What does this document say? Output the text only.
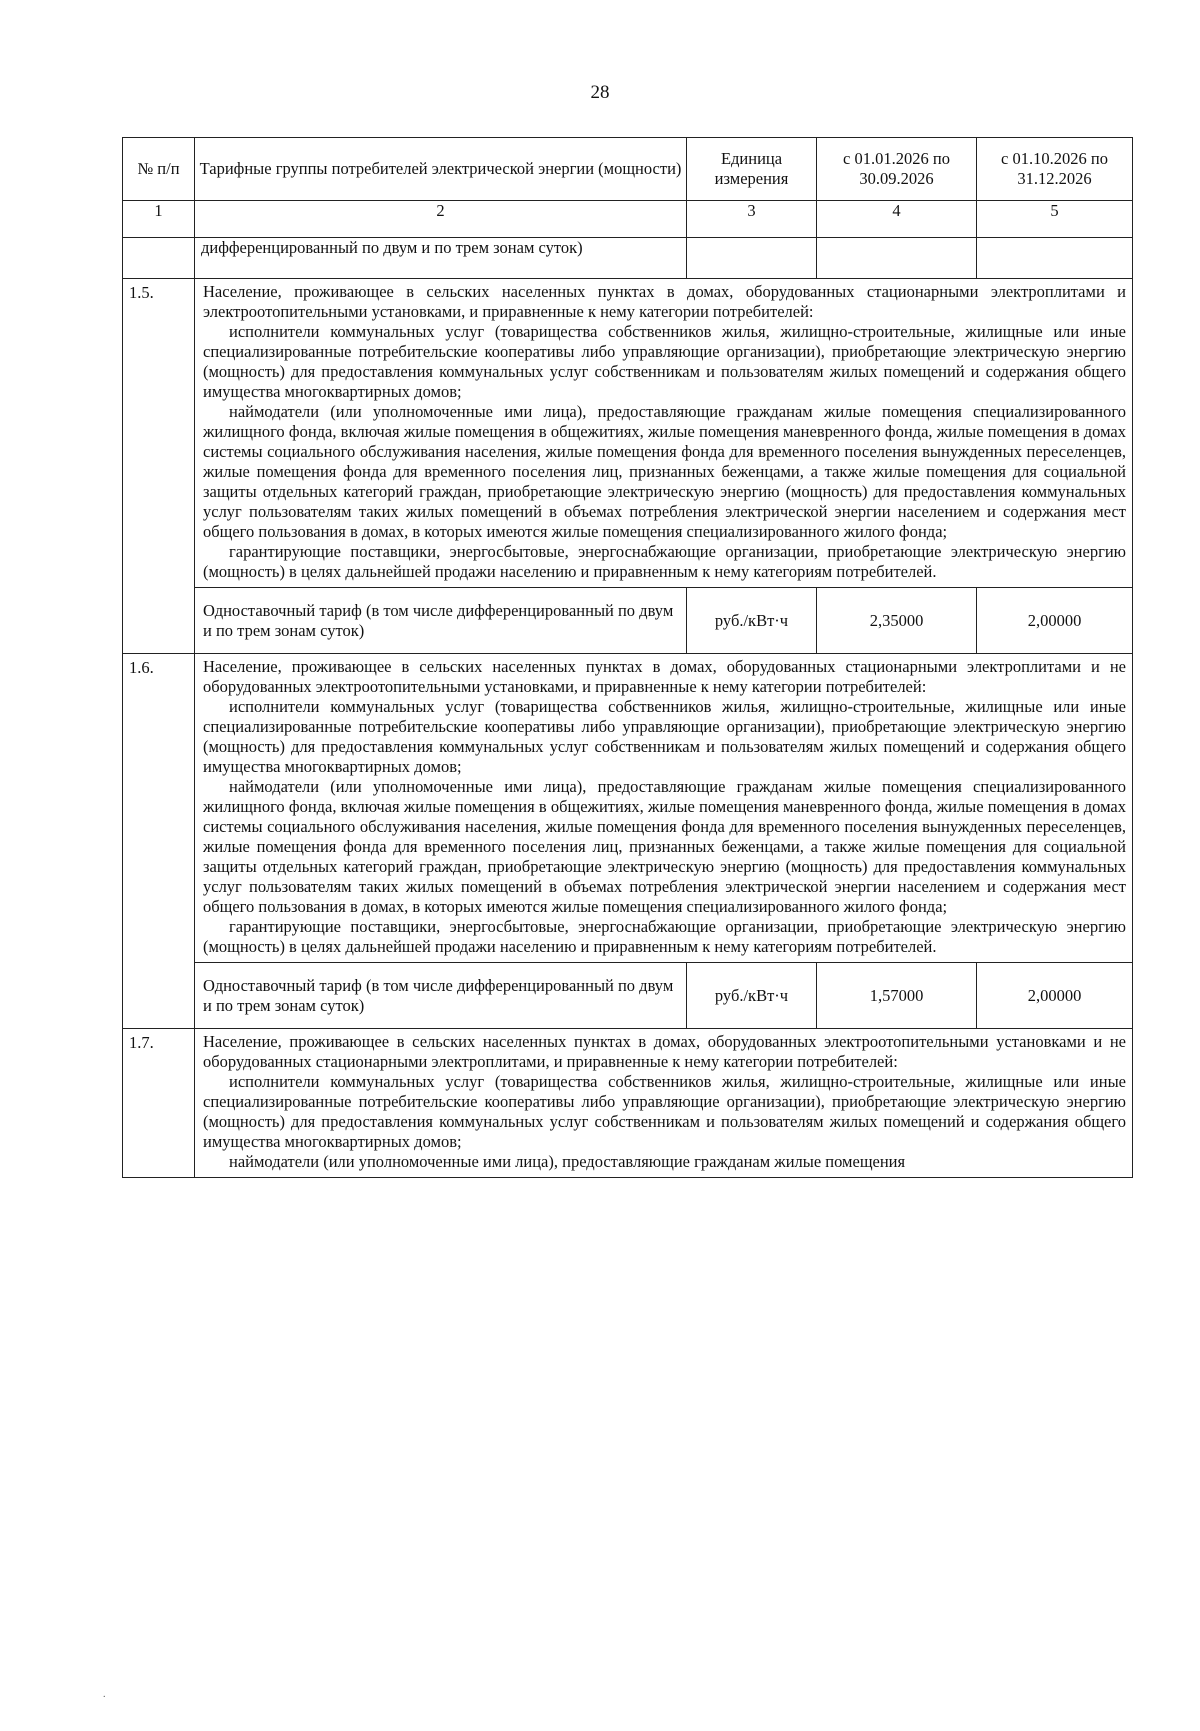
28
№ п/п	Тарифные группы потребителей электрической энергии (мощности)	Единица измерения	с 01.01.2026 по 30.09.2026	с 01.10.2026 по 31.12.2026
1	2	3	4	5
	дифференцированный по двум и по трем зонам суток)			
1.5.	Население, проживающее в сельских населенных пунктах в домах, оборудованных стационарными электроплитами и электроотопительными установками, и приравненные к нему категории потребителей:

исполнители коммунальных услуг (товарищества собственников жилья, жилищно-строительные, жилищные или иные специализированные потребительские кооперативы либо управляющие организации), приобретающие электрическую энергию (мощность) для предоставления коммунальных услуг собственникам и пользователям жилых помещений и содержания общего имущества многоквартирных домов;

наймодатели (или уполномоченные ими лица), предоставляющие гражданам жилые помещения специализированного жилищного фонда, включая жилые помещения в общежитиях, жилые помещения маневренного фонда, жилые помещения в домах системы социального обслуживания населения, жилые помещения фонда для временного поселения вынужденных переселенцев, жилые помещения фонда для временного поселения лиц, признанных беженцами, а также жилые помещения для социальной защиты отдельных категорий граждан, приобретающие электрическую энергию (мощность) для предоставления коммунальных услуг пользователям таких жилых помещений в объемах потребления электрической энергии населением и содержания мест общего пользования в домах, в которых имеются жилые помещения специализированного жилого фонда;

гарантирующие поставщики, энергосбытовые, энергоснабжающие организации, приобретающие электрическую энергию (мощность) в целях дальнейшей продажи населению и приравненным к нему категориям потребителей.			

	Одноставочный тариф (в том числе дифференцированный по двум и по трем зонам суток)	руб./кВт·ч	2,35000	2,00000
1.6.	Население, проживающее в сельских населенных пунктах в домах, оборудованных стационарными электроплитами и не оборудованных электроотопительными установками, и приравненные к нему категории потребителей:

исполнители коммунальных услуг (товарищества собственников жилья, жилищно-строительные, жилищные или иные специализированные потребительские кооперативы либо управляющие организации), приобретающие электрическую энергию (мощность) для предоставления коммунальных услуг собственникам и пользователям жилых помещений и содержания общего имущества многоквартирных домов;

наймодатели (или уполномоченные ими лица), предоставляющие гражданам жилые помещения специализированного жилищного фонда, включая жилые помещения в общежитиях, жилые помещения маневренного фонда, жилые помещения в домах системы социального обслуживания населения, жилые помещения фонда для временного поселения вынужденных переселенцев, жилые помещения фонда для временного поселения лиц, признанных беженцами, а также жилые помещения для социальной защиты отдельных категорий граждан, приобретающие электрическую энергию (мощность) для предоставления коммунальных услуг пользователям таких жилых помещений в объемах потребления электрической энергии населением и содержания мест общего пользования в домах, в которых имеются жилые помещения специализированного жилого фонда;

гарантирующие поставщики, энергосбытовые, энергоснабжающие организации, приобретающие электрическую энергию (мощность) в целях дальнейшей продажи населению и приравненным к нему категориям потребителей.			

	Одноставочный тариф (в том числе дифференцированный по двум и по трем зонам суток)	руб./кВт·ч	1,57000	2,00000
1.7.	Население, проживающее в сельских населенных пунктах в домах, оборудованных электроотопительными установками и не оборудованных стационарными электроплитами, и приравненные к нему категории потребителей:

исполнители коммунальных услуг (товарищества собственников жилья, жилищно-строительные, жилищные или иные специализированные потребительские кооперативы либо управляющие организации), приобретающие электрическую энергию (мощность) для предоставления коммунальных услуг собственникам и пользователям жилых помещений и содержания общего имущества многоквартирных домов;

наймодатели (или уполномоченные ими лица), предоставляющие гражданам жилые помещения			

.
